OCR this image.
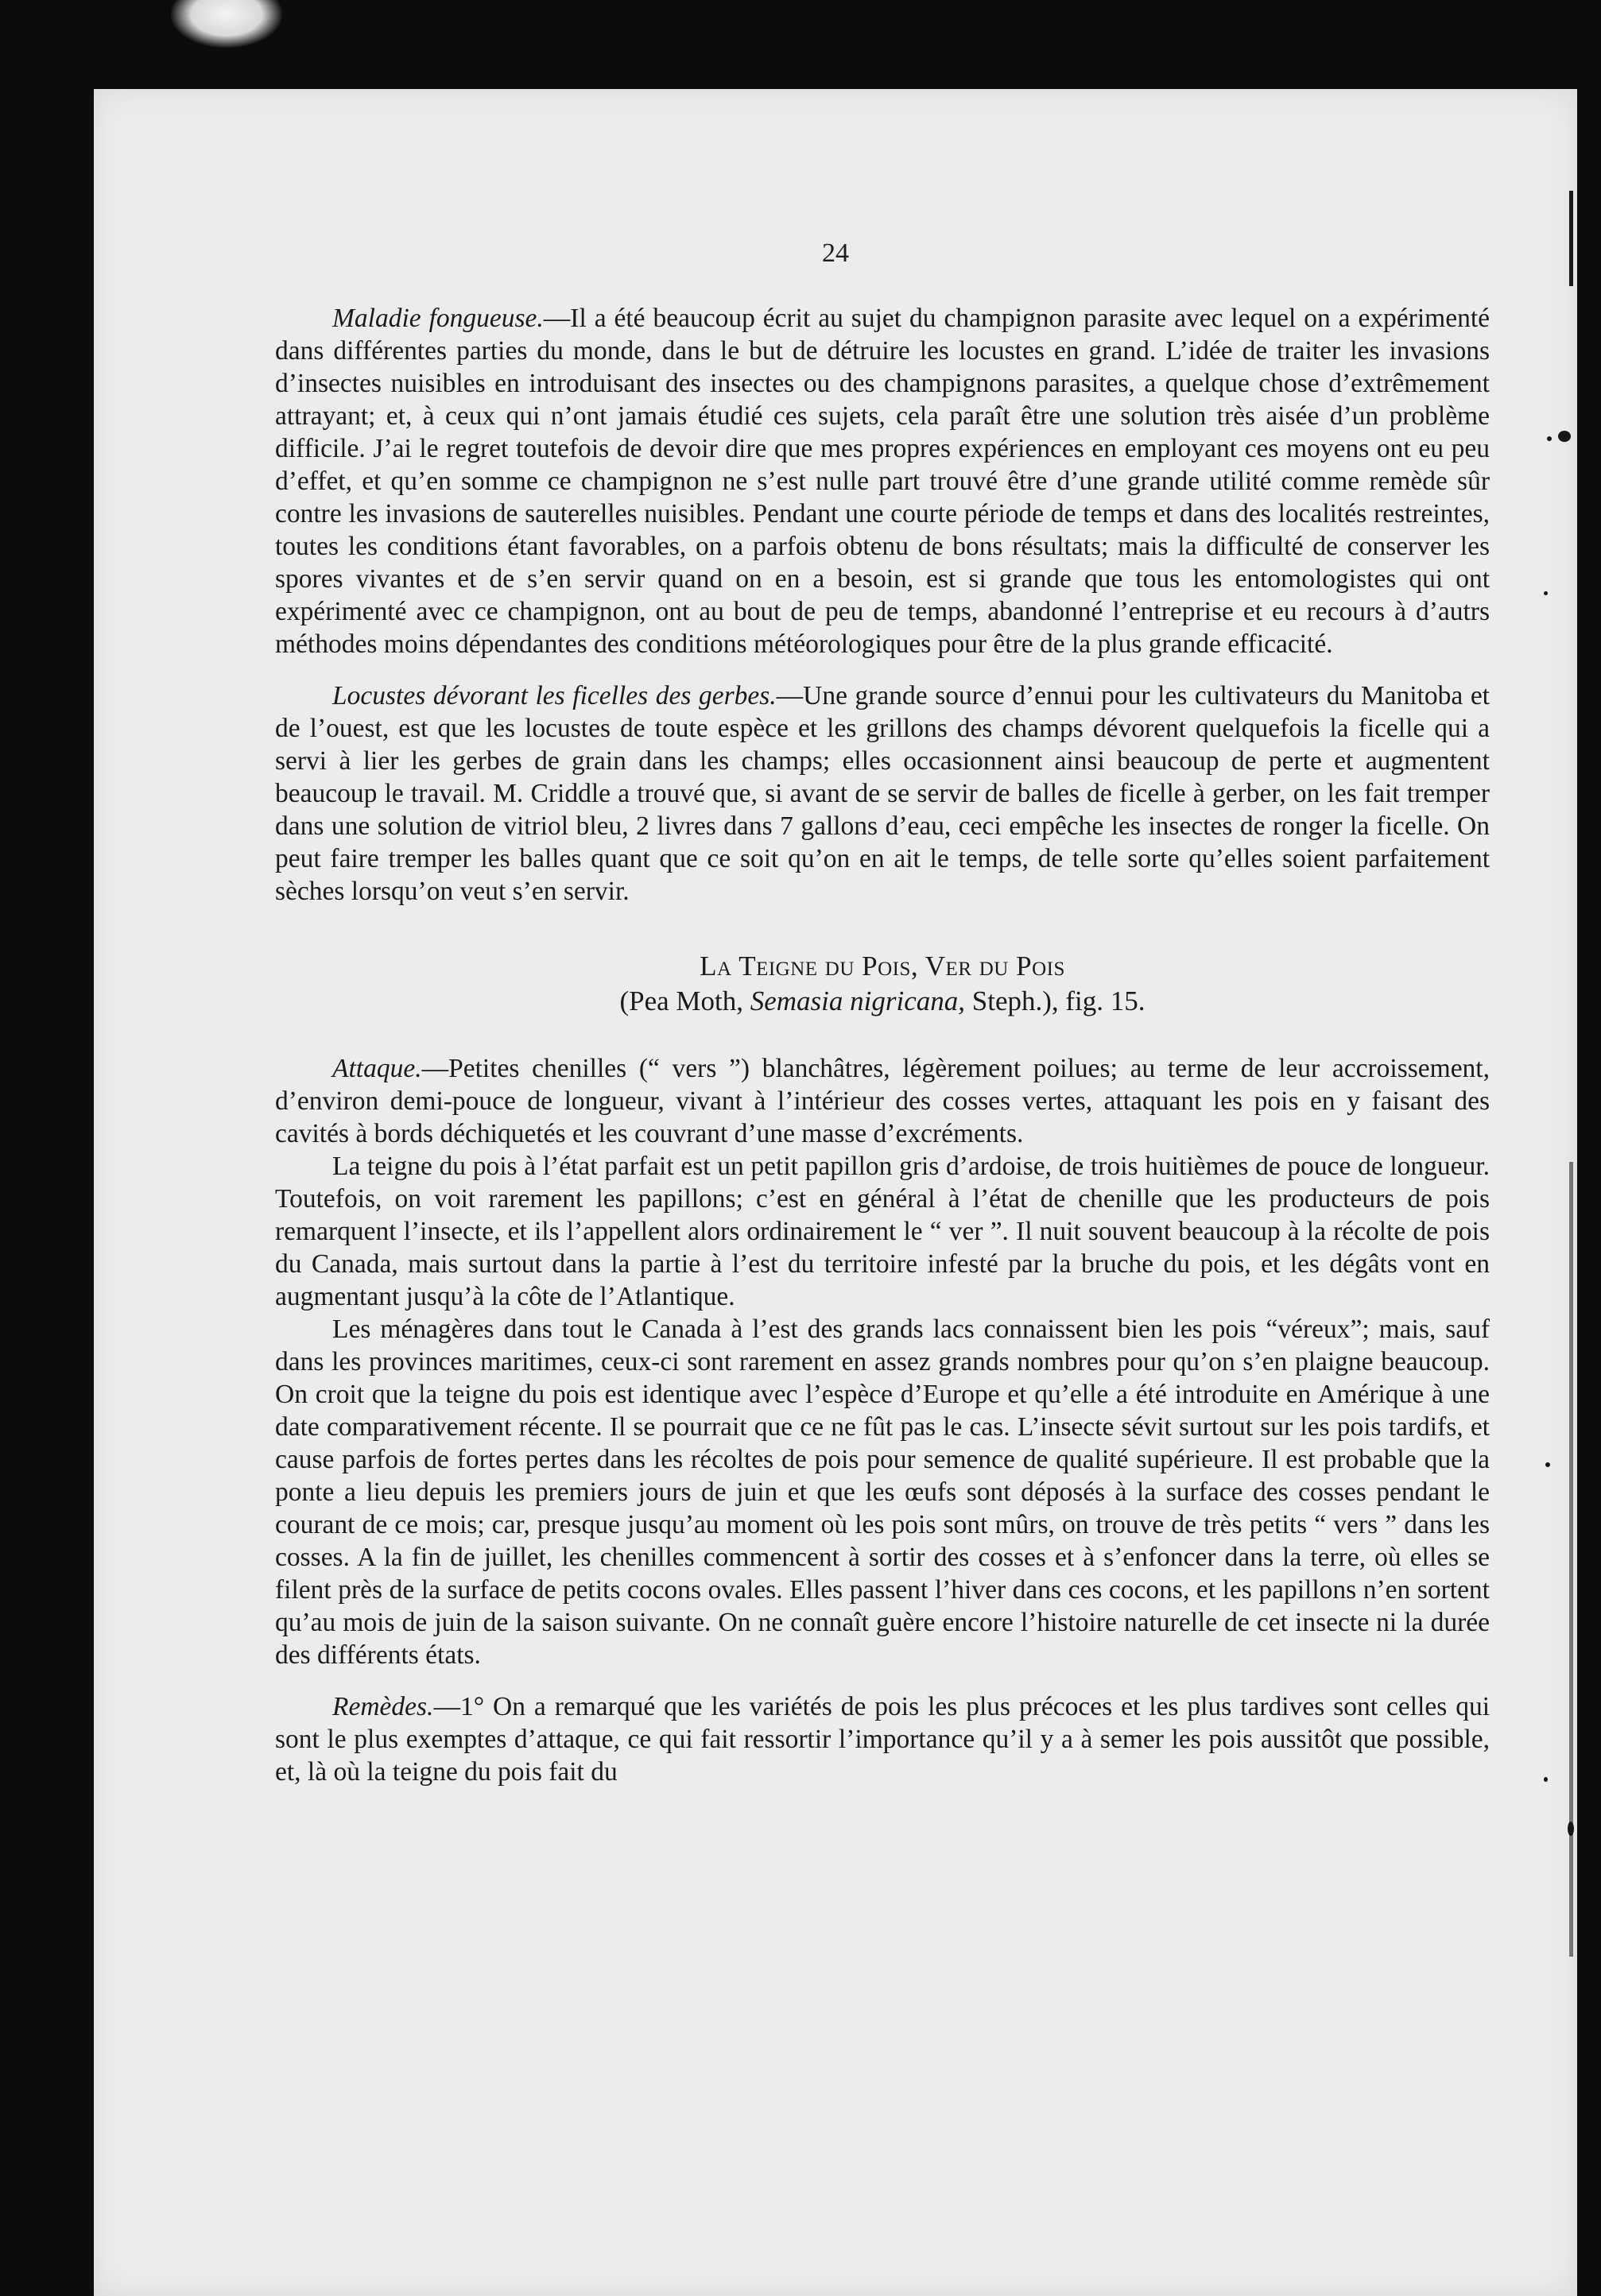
24

Maladie fongueuse.—Il a été beaucoup écrit au sujet du champignon parasite avec lequel on a expérimenté dans différentes parties du monde, dans le but de détruire les locustes en grand. L’idée de traiter les invasions d’insectes nuisibles en introduisant des insectes ou des champignons parasites, a quelque chose d’extrêmement attrayant; et, à ceux qui n’ont jamais étudié ces sujets, cela paraît être une solution très aisée d’un problème difficile. J’ai le regret toutefois de devoir dire que mes propres expériences en employant ces moyens ont eu peu d’effet, et qu’en somme ce champignon ne s’est nulle part trouvé être d’une grande utilité comme remède sûr contre les invasions de sauterelles nuisibles. Pendant une courte période de temps et dans des localités restreintes, toutes les conditions étant favorables, on a parfois obtenu de bons résultats; mais la difficulté de conserver les spores vivantes et de s’en servir quand on en a besoin, est si grande que tous les entomologistes qui ont expérimenté avec ce champignon, ont au bout de peu de temps, abandonné l’entreprise et eu recours à d’autrs méthodes moins dépendantes des conditions météorologiques pour être de la plus grande efficacité.

Locustes dévorant les ficelles des gerbes.—Une grande source d’ennui pour les cultivateurs du Manitoba et de l’ouest, est que les locustes de toute espèce et les grillons des champs dévorent quelquefois la ficelle qui a servi à lier les gerbes de grain dans les champs; elles occasionnent ainsi beaucoup de perte et augmentent beaucoup le travail. M. Criddle a trouvé que, si avant de se servir de balles de ficelle à gerber, on les fait tremper dans une solution de vitriol bleu, 2 livres dans 7 gallons d’eau, ceci empêche les insectes de ronger la ficelle. On peut faire tremper les balles quant que ce soit qu’on en ait le temps, de telle sorte qu’elles soient parfaitement sèches lorsqu’on veut s’en servir.

La Teigne du Pois, Ver du Pois
(Pea Moth, Semasia nigricana, Steph.), fig. 15.

Attaque.—Petites chenilles (“ vers ”) blanchâtres, légèrement poilues; au terme de leur accroissement, d’environ demi-pouce de longueur, vivant à l’intérieur des cosses vertes, attaquant les pois en y faisant des cavités à bords déchiquetés et les couvrant d’une masse d’excréments.

La teigne du pois à l’état parfait est un petit papillon gris d’ardoise, de trois huitièmes de pouce de longueur. Toutefois, on voit rarement les papillons; c’est en général à l’état de chenille que les producteurs de pois remarquent l’insecte, et ils l’appellent alors ordinairement le “ ver ”. Il nuit souvent beaucoup à la récolte de pois du Canada, mais surtout dans la partie à l’est du territoire infesté par la bruche du pois, et les dégâts vont en augmentant jusqu’à la côte de l’Atlantique.

Les ménagères dans tout le Canada à l’est des grands lacs connaissent bien les pois “véreux”; mais, sauf dans les provinces maritimes, ceux-ci sont rarement en assez grands nombres pour qu’on s’en plaigne beaucoup. On croit que la teigne du pois est identique avec l’espèce d’Europe et qu’elle a été introduite en Amérique à une date comparativement récente. Il se pourrait que ce ne fût pas le cas. L’insecte sévit surtout sur les pois tardifs, et cause parfois de fortes pertes dans les récoltes de pois pour semence de qualité supérieure. Il est probable que la ponte a lieu depuis les premiers jours de juin et que les œufs sont déposés à la surface des cosses pendant le courant de ce mois; car, presque jusqu’au moment où les pois sont mûrs, on trouve de très petits “ vers ” dans les cosses. A la fin de juillet, les chenilles commencent à sortir des cosses et à s’enfoncer dans la terre, où elles se filent près de la surface de petits cocons ovales. Elles passent l’hiver dans ces cocons, et les papillons n’en sortent qu’au mois de juin de la saison suivante. On ne connaît guère encore l’histoire naturelle de cet insecte ni la durée des différents états.

Remèdes.—1° On a remarqué que les variétés de pois les plus précoces et les plus tardives sont celles qui sont le plus exemptes d’attaque, ce qui fait ressortir l’importance qu’il y a à semer les pois aussitôt que possible, et, là où la teigne du pois fait du
